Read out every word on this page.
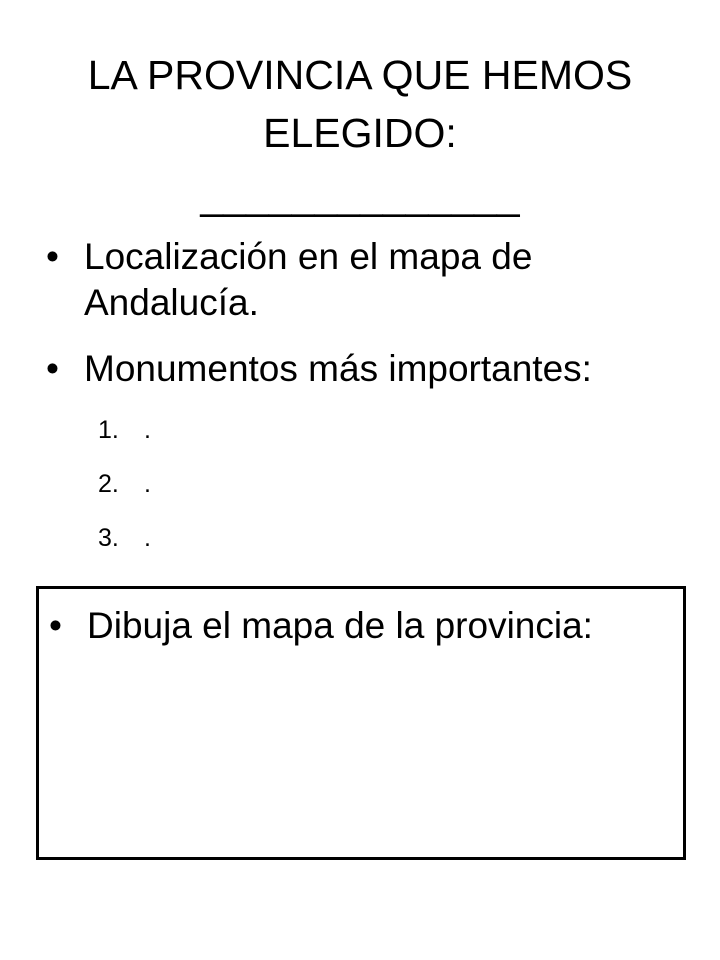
LA PROVINCIA QUE HEMOS
ELEGIDO:
______________
• Localización en el mapa de
Andalucía.
• Monumentos más importantes:
1. .
2. .
3. .
• Dibuja el mapa de la provincia:
